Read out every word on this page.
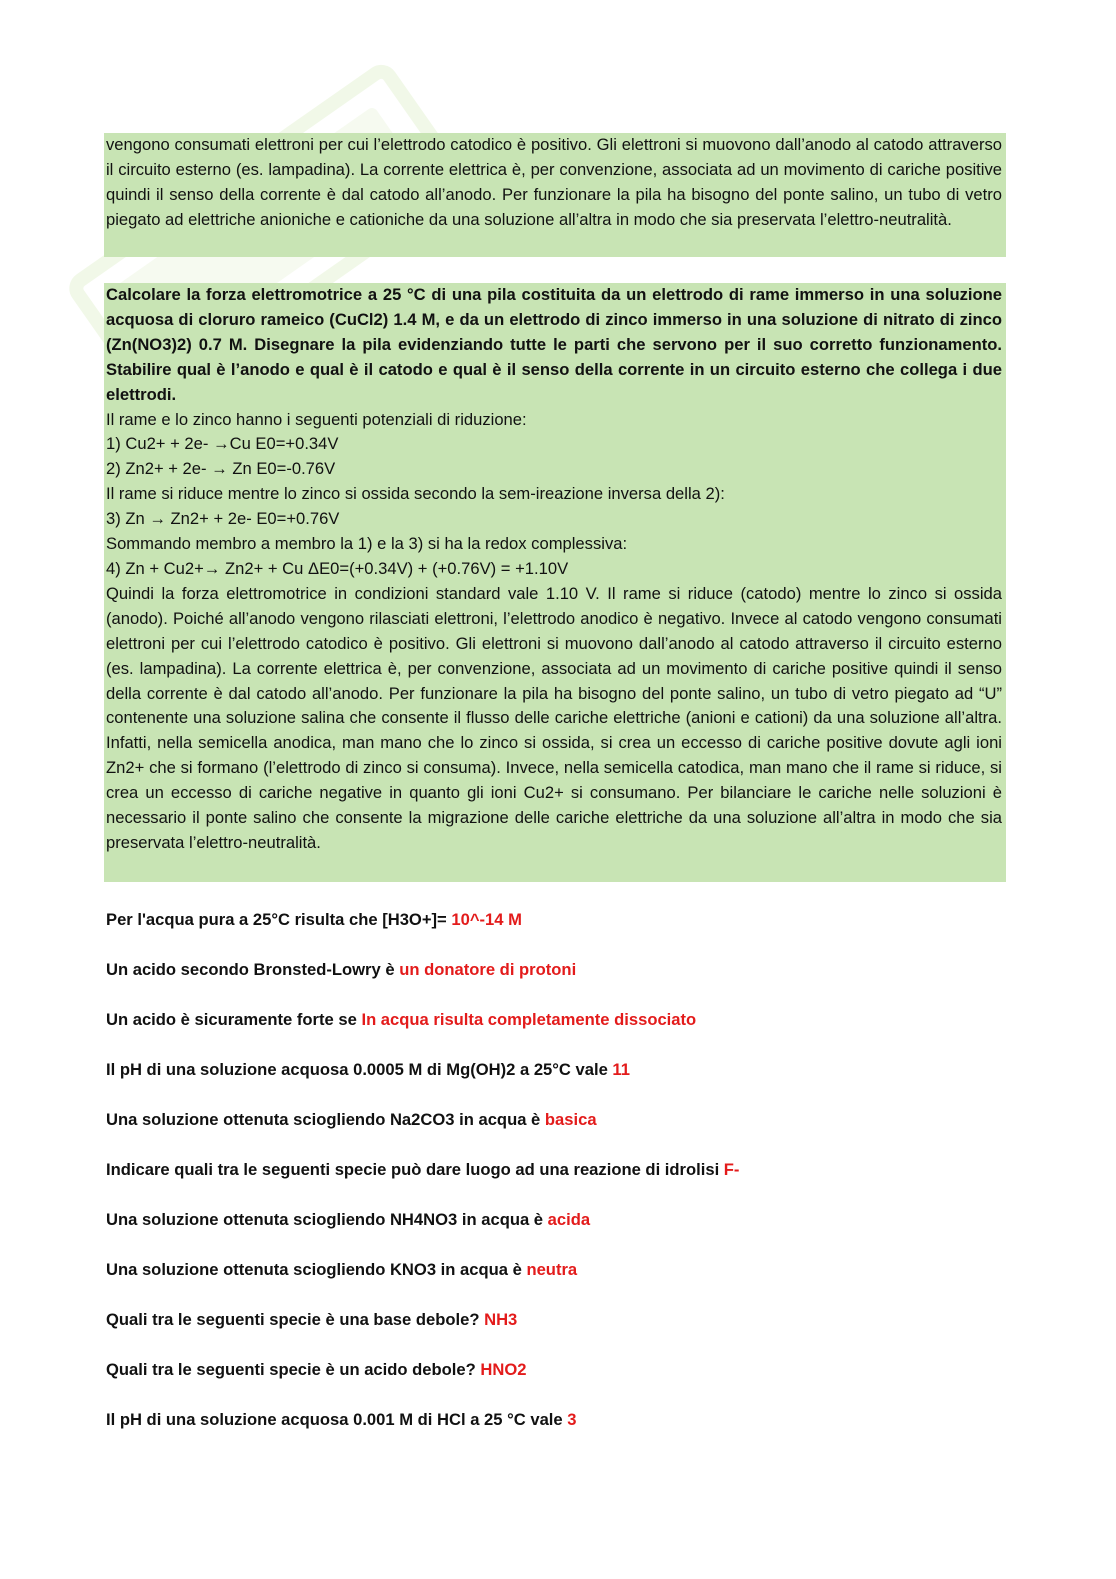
vengono consumati elettroni per cui l’elettrodo catodico è positivo. Gli elettroni si muovono dall’anodo al catodo attraverso il circuito esterno (es. lampadina). La corrente elettrica è, per convenzione, associata ad un movimento di cariche positive quindi il senso della corrente è dal catodo all’anodo. Per funzionare la pila ha bisogno del ponte salino, un tubo di vetro piegato ad elettriche anioniche e cationiche da una soluzione all’altra in modo che sia preservata l’elettro-neutralità.

Calcolare la forza elettromotrice a 25 °C di una pila costituita da un elettrodo di rame immerso in una soluzione acquosa di cloruro rameico (CuCl2) 1.4 M, e da un elettrodo di zinco immerso in una soluzione di nitrato di zinco (Zn(NO3)2) 0.7 M. Disegnare la pila evidenziando tutte le parti che servono per il suo corretto funzionamento. Stabilire qual è l’anodo e qual è il catodo e qual è il senso della corrente in un circuito esterno che collega i due elettrodi.

Il rame e lo zinco hanno i seguenti potenziali di riduzione:

1) Cu2+ + 2e- →Cu E0=+0.34V

2) Zn2+ + 2e- → Zn E0=-0.76V

Il rame si riduce mentre lo zinco si ossida secondo la sem-ireazione inversa della 2):

3) Zn → Zn2+ + 2e- E0=+0.76V

Sommando membro a membro la 1) e la 3) si ha la redox complessiva:

4) Zn + Cu2+→ Zn2+ + Cu ΔE0=(+0.34V) + (+0.76V) = +1.10V

Quindi la forza elettromotrice in condizioni standard vale 1.10 V. Il rame si riduce (catodo) mentre lo zinco si ossida (anodo). Poiché all’anodo vengono rilasciati elettroni, l’elettrodo anodico è negativo. Invece al catodo vengono consumati elettroni per cui l’elettrodo catodico è positivo. Gli elettroni si muovono dall’anodo al catodo attraverso il circuito esterno (es. lampadina). La corrente elettrica è, per convenzione, associata ad un movimento di cariche positive quindi il senso della corrente è dal catodo all’anodo. Per funzionare la pila ha bisogno del ponte salino, un tubo di vetro piegato ad “U” contenente una soluzione salina che consente il flusso delle cariche elettriche (anioni e cationi) da una soluzione all’altra. Infatti, nella semicella anodica, man mano che lo zinco si ossida, si crea un eccesso di cariche positive dovute agli ioni Zn2+ che si formano (l’elettrodo di zinco si consuma). Invece, nella semicella catodica, man mano che il rame si riduce, si crea un eccesso di cariche negative in quanto gli ioni Cu2+ si consumano. Per bilanciare le cariche nelle soluzioni è necessario il ponte salino che consente la migrazione delle cariche elettriche da una soluzione all’altra in modo che sia preservata l’elettro-neutralità.

Per l'acqua pura a 25°C risulta che [H3O+]= 10^-14 M
Un acido secondo Bronsted-Lowry è un donatore di protoni
Un acido è sicuramente forte se In acqua risulta completamente dissociato
Il pH di una soluzione acquosa 0.0005 M di Mg(OH)2 a 25°C vale 11
Una soluzione ottenuta sciogliendo Na2CO3 in acqua è basica
Indicare quali tra le seguenti specie può dare luogo ad una reazione di idrolisi F-
Una soluzione ottenuta sciogliendo NH4NO3 in acqua è acida
Una soluzione ottenuta sciogliendo KNO3 in acqua è neutra
Quali tra le seguenti specie è una base debole? NH3
Quali tra le seguenti specie è un acido debole? HNO2
Il pH di una soluzione acquosa 0.001 M di HCl a 25 °C vale 3
